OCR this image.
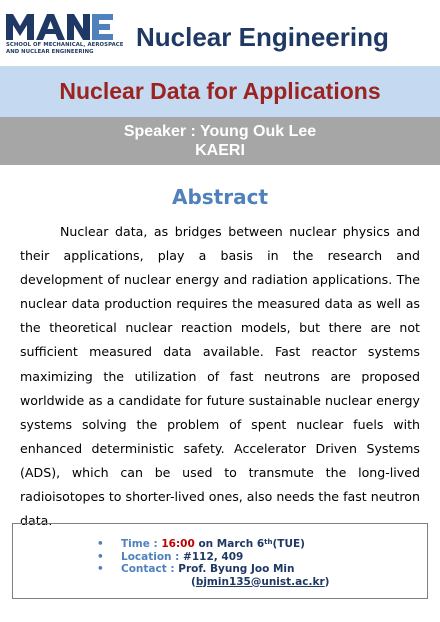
SCHOOL OF MECHANICAL, AEROSPACE
AND NUCLEAR ENGINEERING	Nuclear Engineering
Nuclear Data for Applications
Speaker : Young Ouk Lee
KAERI
Abstract
Nuclear data, as bridges between nuclear physics and their applications, play a basis in the research and development of nuclear energy and radiation applications. The nuclear data production requires the measured data as well as the theoretical nuclear reaction models, but there are not sufficient measured data available. Fast reactor systems maximizing the utilization of fast neutrons are proposed worldwide as a candidate for future sustainable nuclear energy systems solving the problem of spent nuclear fuels with enhanced deterministic safety. Accelerator Driven Systems (ADS), which can be used to transmute the long-lived radioisotopes to shorter-lived ones, also needs the fast neutron data.
• Time : 16:00 on March 6th(TUE)
• Location : #112, 409
• Contact : Prof. Byung Joo Min
(bjmin135@unist.ac.kr)
